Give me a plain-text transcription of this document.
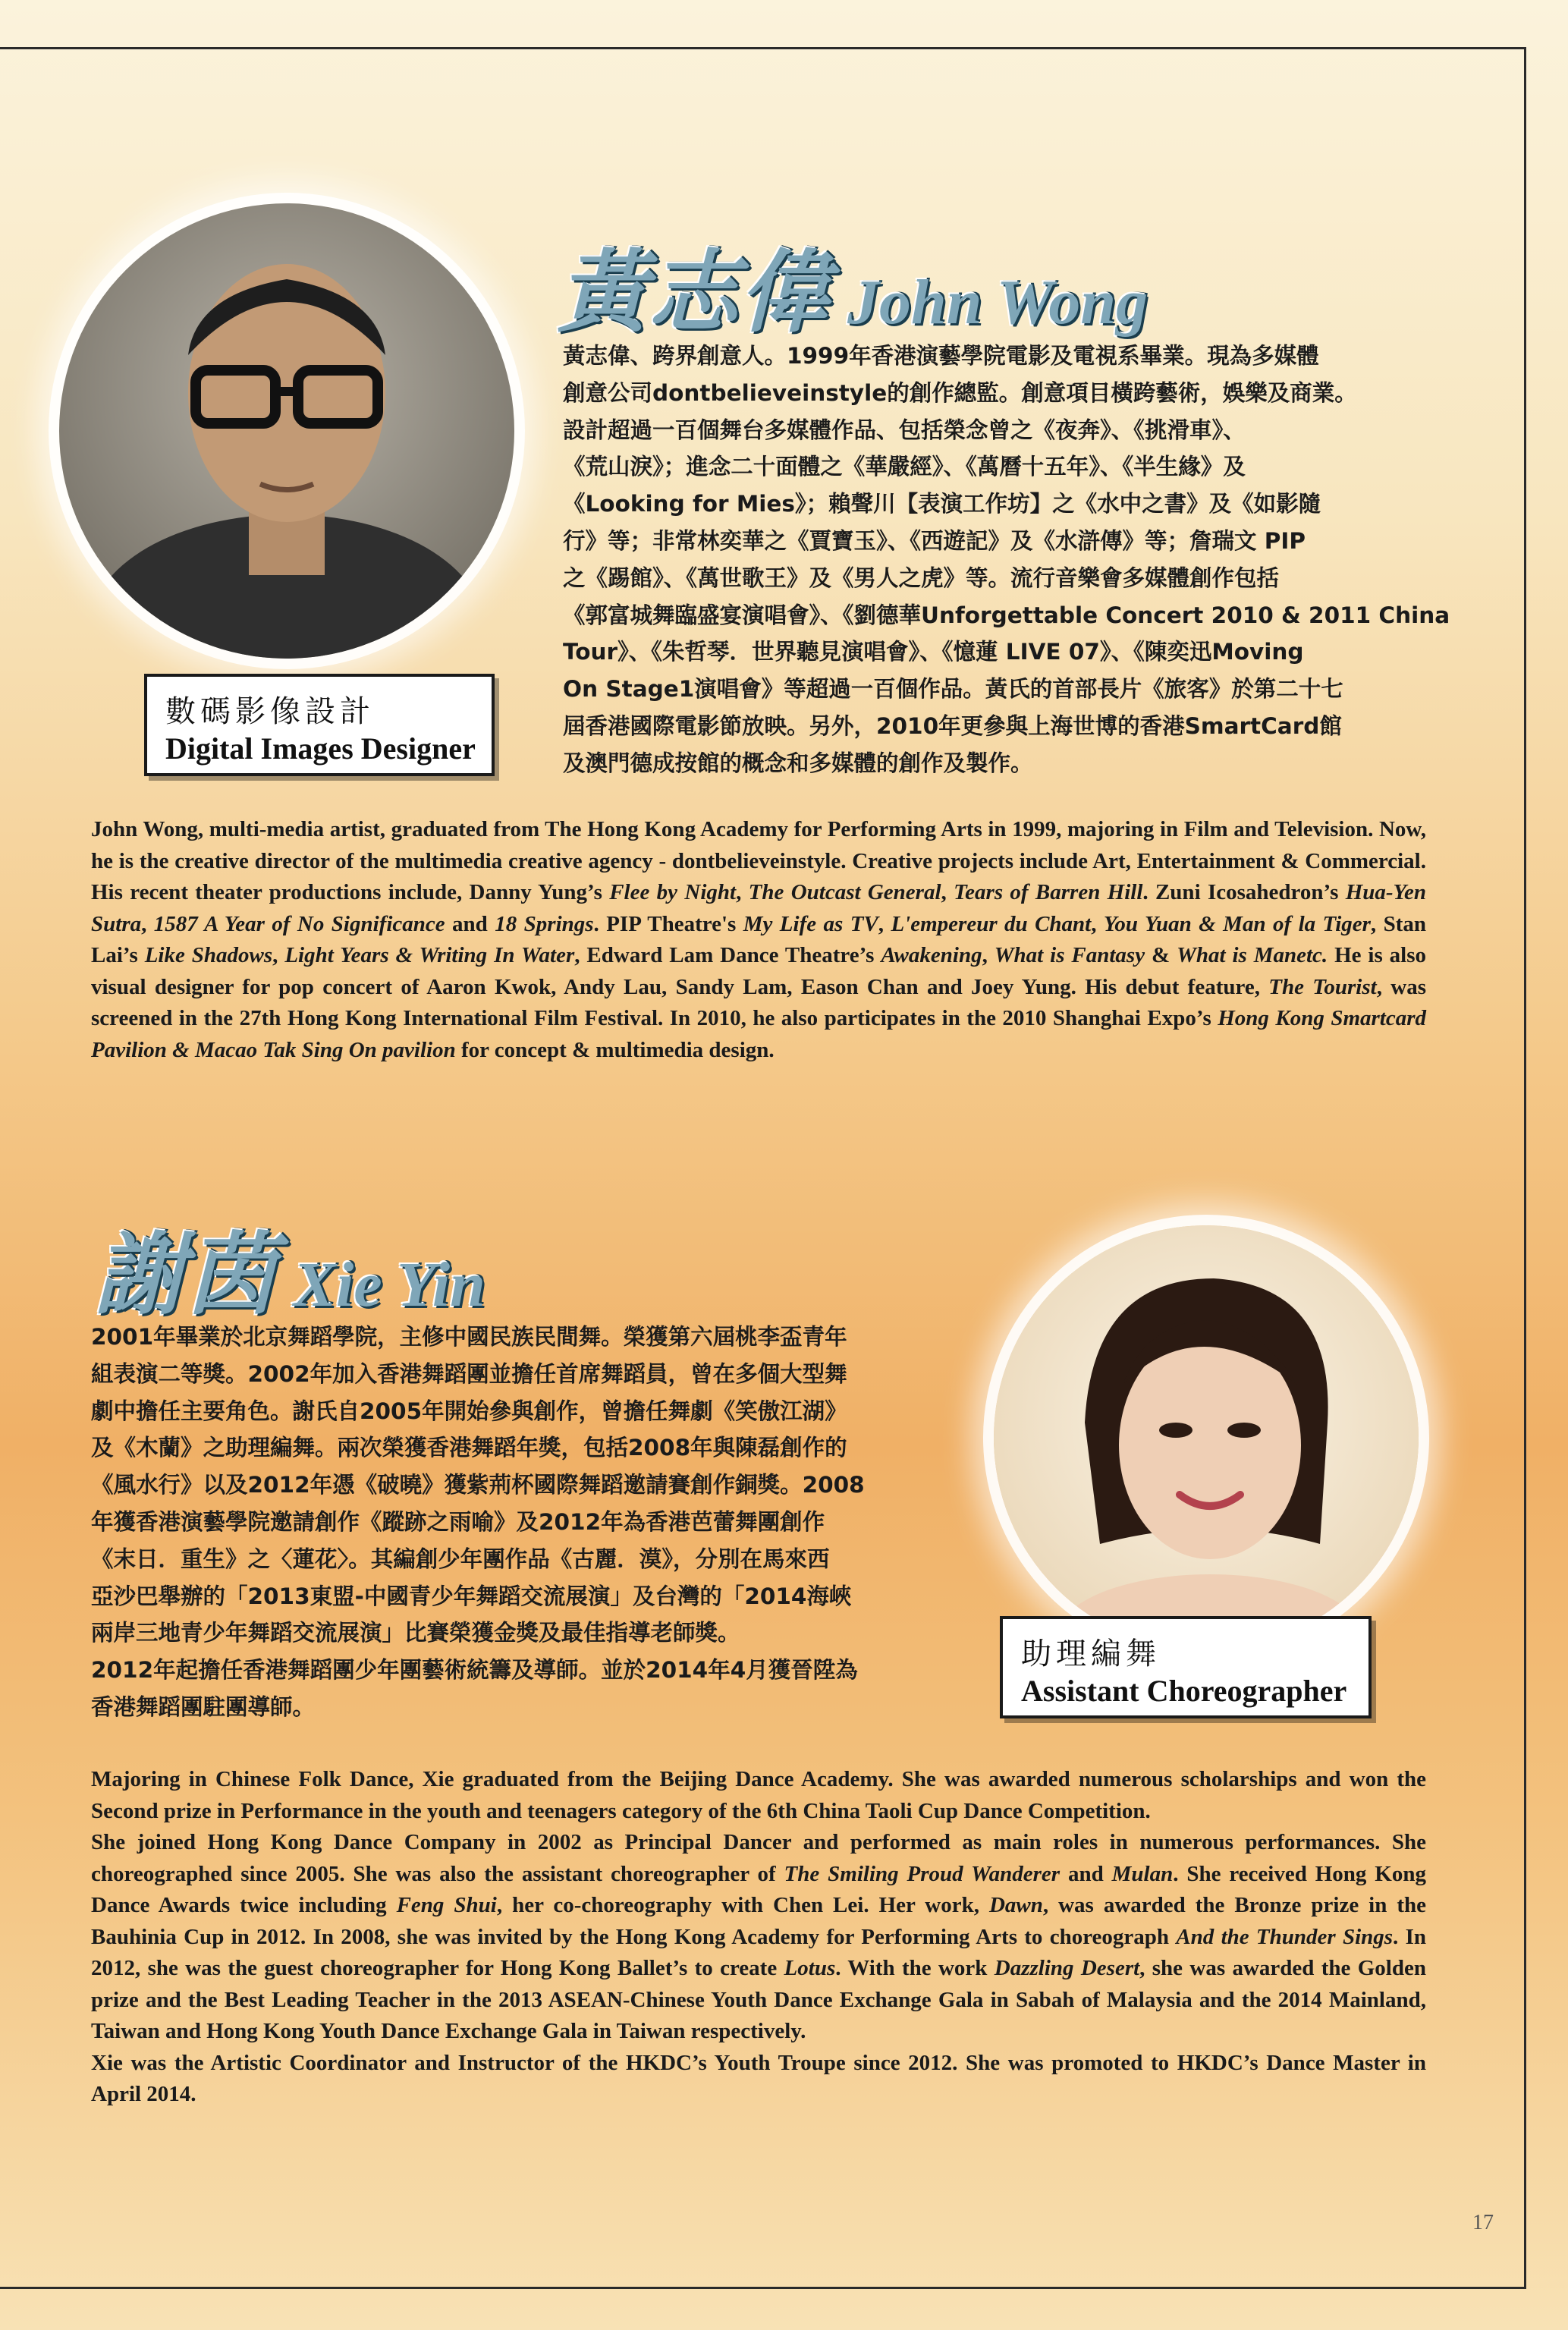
黃志偉 John Wong
黃志偉、跨界創意人。1999年香港演藝學院電影及電視系畢業。現為多媒體
創意公司dontbelieveinstyle的創作總監。創意項目橫跨藝術，娛樂及商業。
設計超過一百個舞台多媒體作品、包括榮念曾之《夜奔》、《挑滑車》、
《荒山淚》；進念二十面體之《華嚴經》、《萬曆十五年》、《半生緣》及
《Looking for Mies》；賴聲川【表演工作坊】之《水中之書》及《如影隨
行》等；非常林奕華之《賈寶玉》、《西遊記》及《水滸傳》等；詹瑞文 PIP
之《踢館》、《萬世歌王》及《男人之虎》等。流行音樂會多媒體創作包括
《郭富城舞臨盛宴演唱會》、《劉德華Unforgettable Concert 2010 & 2011 China
Tour》、《朱哲琴．世界聽見演唱會》、《憶蓮 LIVE 07》、《陳奕迅Moving
On Stage1演唱會》等超過一百個作品。黃氏的首部長片《旅客》於第二十七
屆香港國際電影節放映。另外，2010年更參與上海世博的香港SmartCard館
及澳門德成按館的概念和多媒體的創作及製作。
數碼影像設計
Digital Images Designer

John Wong, multi-media artist, graduated from The Hong Kong Academy for Performing Arts in 1999, majoring in Film and Television. Now, he is the creative director of the multimedia creative agency - dontbelieveinstyle. Creative projects include Art, Entertainment & Commercial. His recent theater productions include, Danny Yung’s Flee by Night, The Outcast General, Tears of Barren Hill. Zuni Icosahedron’s Hua-Yen Sutra, 1587 A Year of No Significance and 18 Springs. PIP Theatre's My Life as TV, L'empereur du Chant, You Yuan & Man of la Tiger, Stan Lai’s Like Shadows, Light Years & Writing In Water, Edward Lam Dance Theatre’s Awakening, What is Fantasy & What is Manetc. He is also visual designer for pop concert of Aaron Kwok, Andy Lau, Sandy Lam, Eason Chan and Joey Yung. His debut feature, The Tourist, was screened in the 27th Hong Kong International Film Festival. In 2010, he also participates in the 2010 Shanghai Expo’s Hong Kong Smartcard Pavilion & Macao Tak Sing On pavilion for concept & multimedia design.

謝茵 Xie Yin
2001年畢業於北京舞蹈學院，主修中國民族民間舞。榮獲第六屆桃李盃青年
組表演二等獎。2002年加入香港舞蹈團並擔任首席舞蹈員，曾在多個大型舞
劇中擔任主要角色。謝氏自2005年開始參與創作，曾擔任舞劇《笑傲江湖》
及《木蘭》之助理編舞。兩次榮獲香港舞蹈年獎，包括2008年與陳磊創作的
《風水行》以及2012年憑《破曉》獲紫荊杯國際舞蹈邀請賽創作銅獎。2008
年獲香港演藝學院邀請創作《蹤跡之雨喻》及2012年為香港芭蕾舞團創作
《末日．重生》之〈蓮花〉。其編創少年團作品《古麗．漠》，分別在馬來西
亞沙巴舉辦的「2013東盟-中國青少年舞蹈交流展演」及台灣的「2014海峽
兩岸三地青少年舞蹈交流展演」比賽榮獲金獎及最佳指導老師獎。
2012年起擔任香港舞蹈團少年團藝術統籌及導師。並於2014年4月獲晉陞為
香港舞蹈團駐團導師。
助理編舞
Assistant Choreographer

Majoring in Chinese Folk Dance, Xie graduated from the Beijing Dance Academy. She was awarded numerous scholarships and won the Second prize in Performance in the youth and teenagers category of the 6th China Taoli Cup Dance Competition.

She joined Hong Kong Dance Company in 2002 as Principal Dancer and performed as main roles in numerous performances. She choreographed since 2005. She was also the assistant choreographer of The Smiling Proud Wanderer and Mulan. She received Hong Kong Dance Awards twice including Feng Shui, her co-choreography with Chen Lei. Her work, Dawn, was awarded the Bronze prize in the Bauhinia Cup in 2012. In 2008, she was invited by the Hong Kong Academy for Performing Arts to choreograph And the Thunder Sings. In 2012, she was the guest choreographer for Hong Kong Ballet’s to create Lotus. With the work Dazzling Desert, she was awarded the Golden prize and the Best Leading Teacher in the 2013 ASEAN-Chinese Youth Dance Exchange Gala in Sabah of Malaysia and the 2014 Mainland, Taiwan and Hong Kong Youth Dance Exchange Gala in Taiwan respectively.

Xie was the Artistic Coordinator and Instructor of the HKDC’s Youth Troupe since 2012. She was promoted to HKDC’s Dance Master in April 2014.

17
